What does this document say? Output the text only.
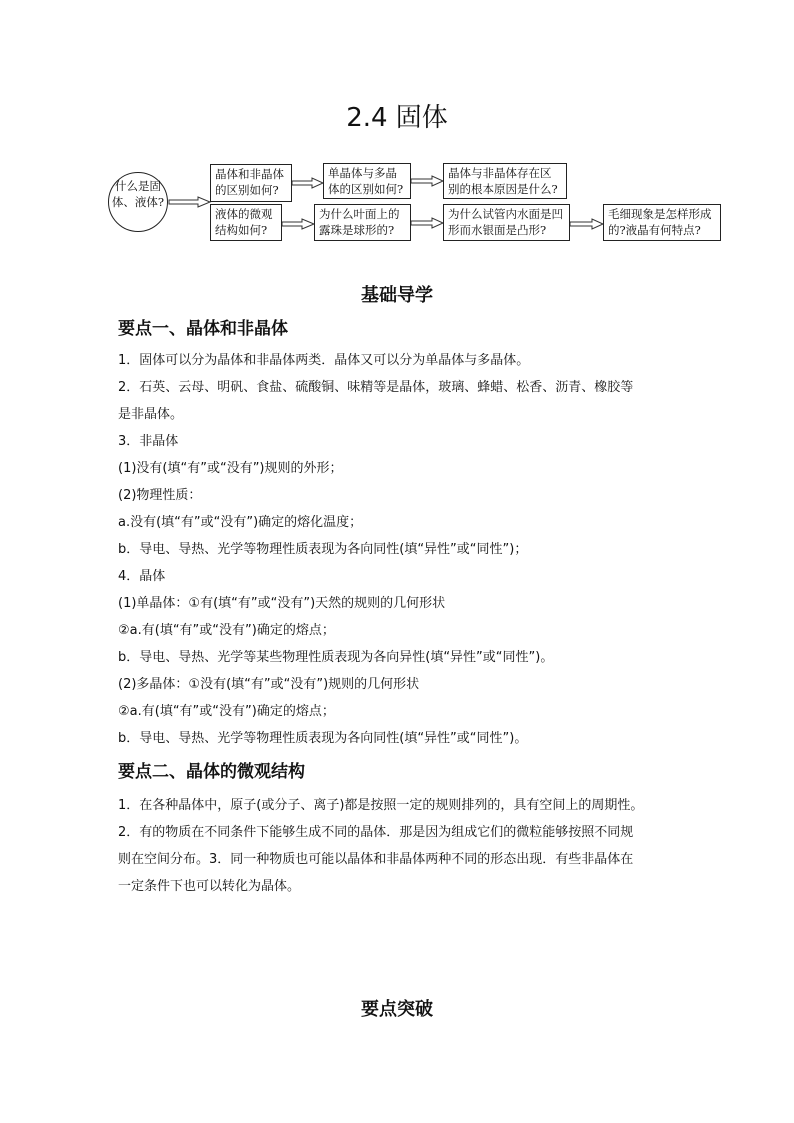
2.4 固体
什么是固体、液体?
晶体和非晶体的区别如何?
单晶体与多晶体的区别如何?
晶体与非晶体存在区别的根本原因是什么?
液体的微观结构如何?
为什么叶面上的露珠是球形的?
为什么试管内水面是凹形而水银面是凸形?
毛细现象是怎样形成的?液晶有何特点?
基础导学
要点一、晶体和非晶体
1．固体可以分为晶体和非晶体两类．晶体又可以分为单晶体与多晶体。
2．石英、云母、明矾、食盐、硫酸铜、味精等是晶体，玻璃、蜂蜡、松香、沥青、橡胶等
是非晶体。
3．非晶体
(1)没有(填“有”或“没有”)规则的外形；
(2)物理性质：
a.没有(填“有”或“没有”)确定的熔化温度；
b．导电、导热、光学等物理性质表现为各向同性(填“异性”或“同性”)；
4．晶体
(1)单晶体：①有(填“有”或“没有”)天然的规则的几何形状
②a.有(填“有”或“没有”)确定的熔点；
b．导电、导热、光学等某些物理性质表现为各向异性(填“异性”或“同性”)。
(2)多晶体：①没有(填“有”或“没有”)规则的几何形状
②a.有(填“有”或“没有”)确定的熔点；
b．导电、导热、光学等物理性质表现为各向同性(填“异性”或“同性”)。
要点二、晶体的微观结构
1．在各种晶体中，原子(或分子、离子)都是按照一定的规则排列的，具有空间上的周期性。
2．有的物质在不同条件下能够生成不同的晶体．那是因为组成它们的微粒能够按照不同规
则在空间分布。3．同一种物质也可能以晶体和非晶体两种不同的形态出现．有些非晶体在
一定条件下也可以转化为晶体。
要点突破
